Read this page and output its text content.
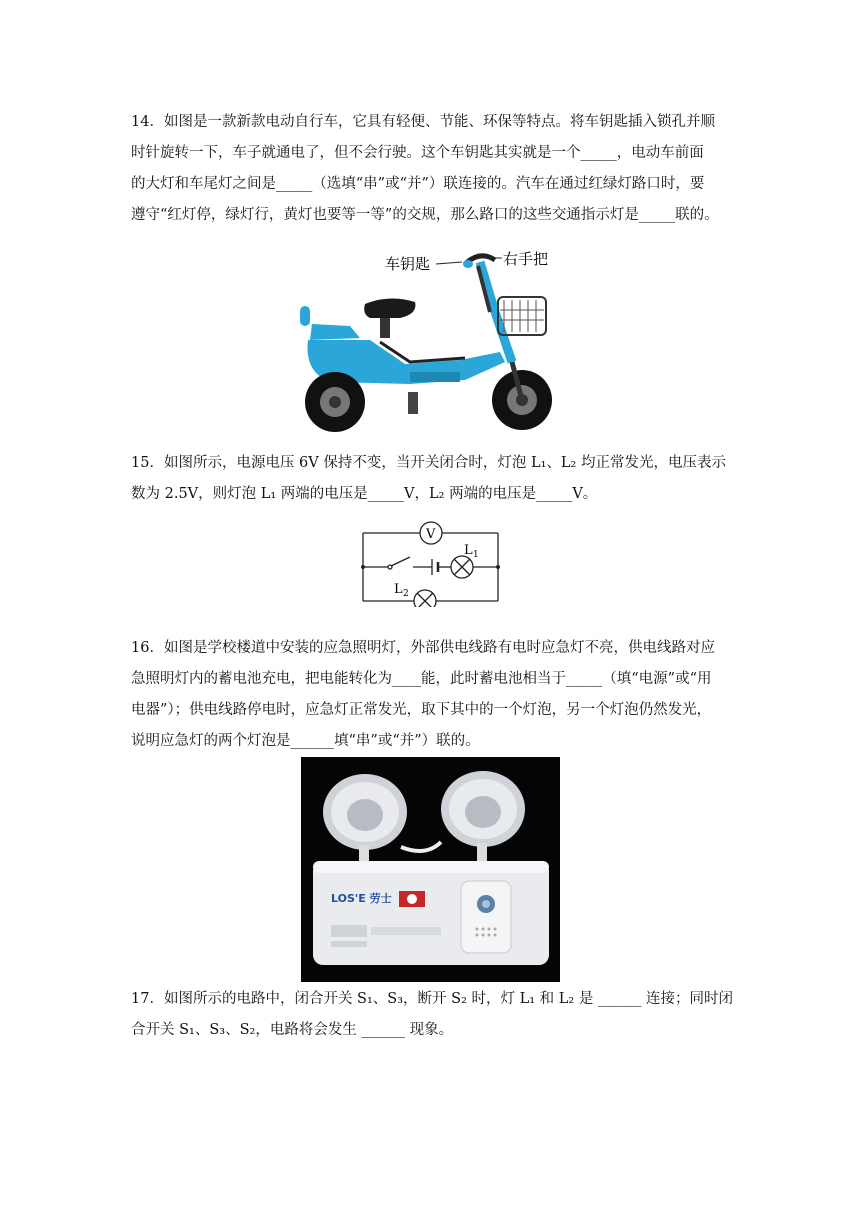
14．如图是一款新款电动自行车，它具有轻便、节能、环保等特点。将车钥匙插入锁孔并顺
时针旋转一下，车子就通电了，但不会行驶。这个车钥匙其实就是一个_____，电动车前面
的大灯和车尾灯之间是_____（选填“串”或“并”）联连接的。汽车在通过红绿灯路口时，要
遵守“红灯停，绿灯行，黄灯也要等一等”的交规，那么路口的这些交通指示灯是_____联的。
车钥匙	右手把
15．如图所示，电源电压 6V 保持不变，当开关闭合时，灯泡 L₁、L₂ 均正常发光，电压表示
数为 2.5V，则灯泡 L₁ 两端的电压是_____V，L₂ 两端的电压是_____V。
V
L 1
L 2
16．如图是学校楼道中安装的应急照明灯，外部供电线路有电时应急灯不亮，供电线路对应
急照明灯内的蓄电池充电，把电能转化为____能，此时蓄电池相当于_____（填“电源”或“用
电器”）；供电线路停电时，应急灯正常发光，取下其中的一个灯泡，另一个灯泡仍然发光，
说明应急灯的两个灯泡是______填“串”或“并”）联的。
LOS'E 劳士
17．如图所示的电路中，闭合开关 S₁、S₃，断开 S₂ 时，灯 L₁ 和 L₂ 是 ______ 连接；同时闭
合开关 S₁、S₃、S₂，电路将会发生 ______ 现象。
